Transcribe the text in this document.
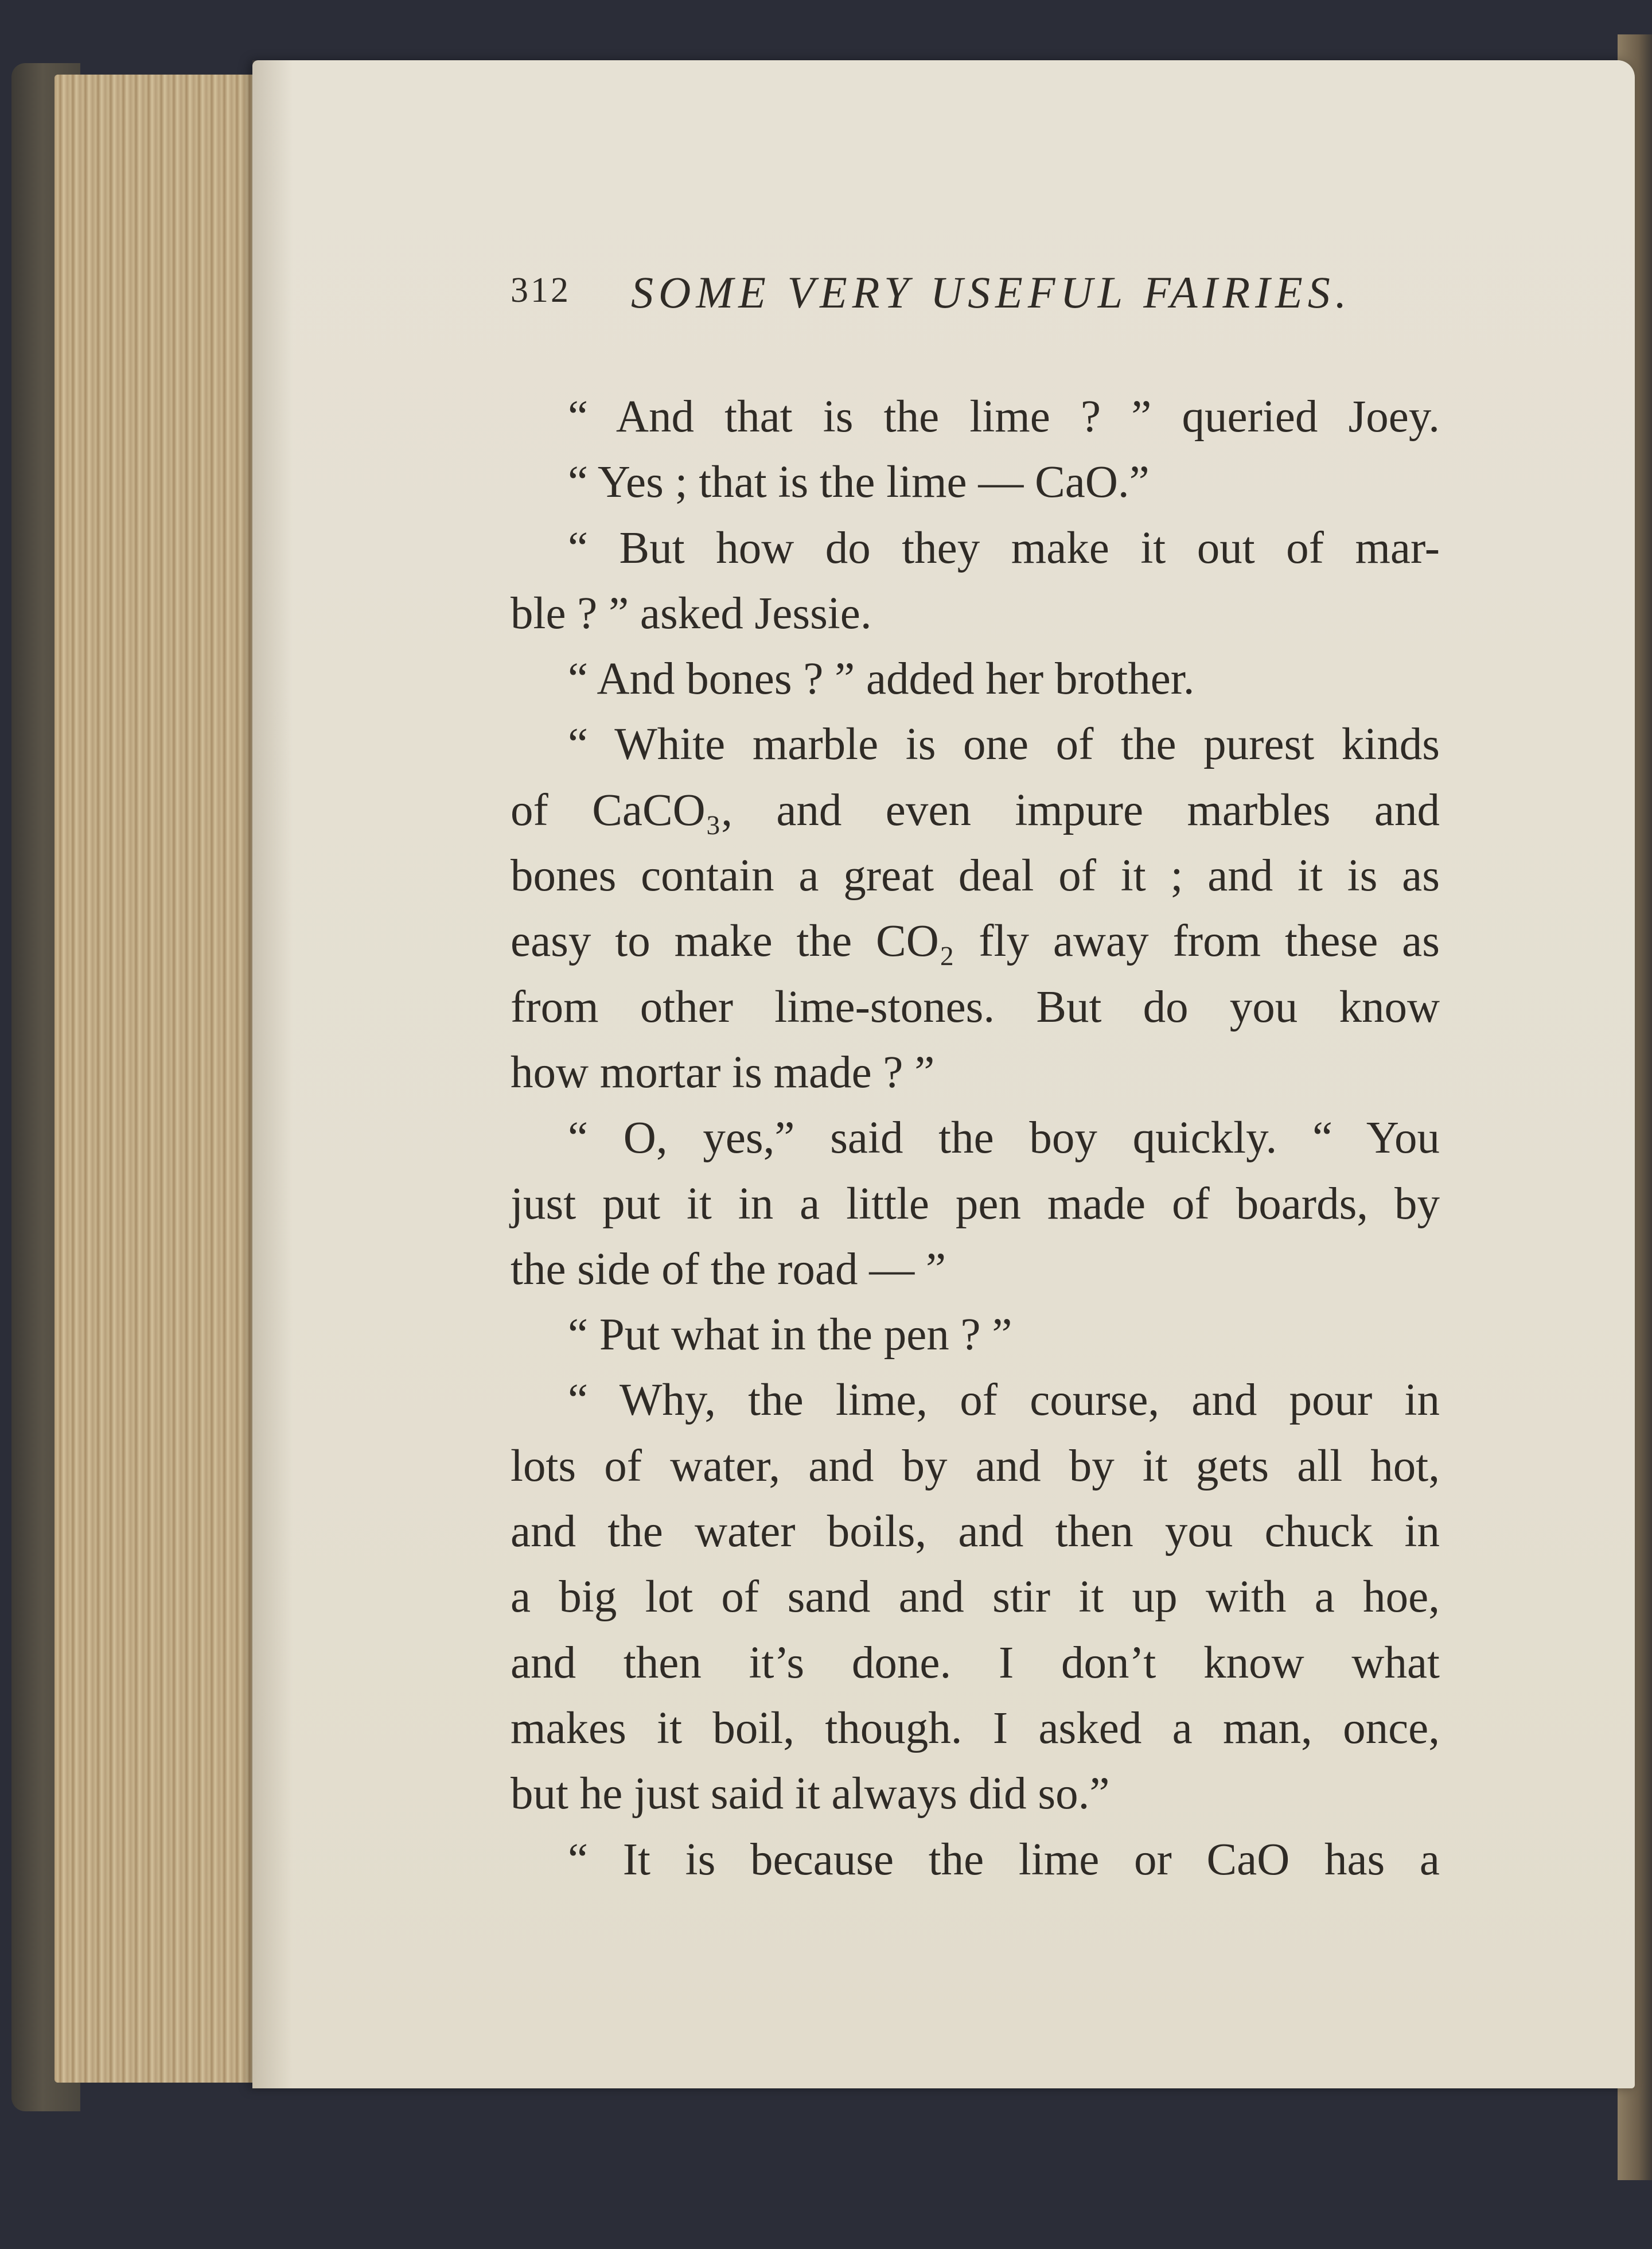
312 SOME VERY USEFUL FAIRIES.
“ And that is the lime ? ” queried Joey.
“ Yes ; that is the lime — CaO.”
“ But how do they make it out of mar-
ble ? ” asked Jessie.
“ And bones ? ” added her brother.
“ White marble is one of the purest kinds
of CaCO₃, and even impure marbles and
bones contain a great deal of it ; and it is as
easy to make the CO₂ fly away from these as
from other lime-stones. But do you know
how mortar is made ? ”
“ O, yes,” said the boy quickly. “ You
just put it in a little pen made of boards, by
the side of the road — ”
“ Put what in the pen ? ”
“ Why, the lime, of course, and pour in
lots of water, and by and by it gets all hot,
and the water boils, and then you chuck in
a big lot of sand and stir it up with a hoe,
and then it’s done. I don’t know what
makes it boil, though. I asked a man, once,
but he just said it always did so.”
“ It is because the lime or CaO has a
